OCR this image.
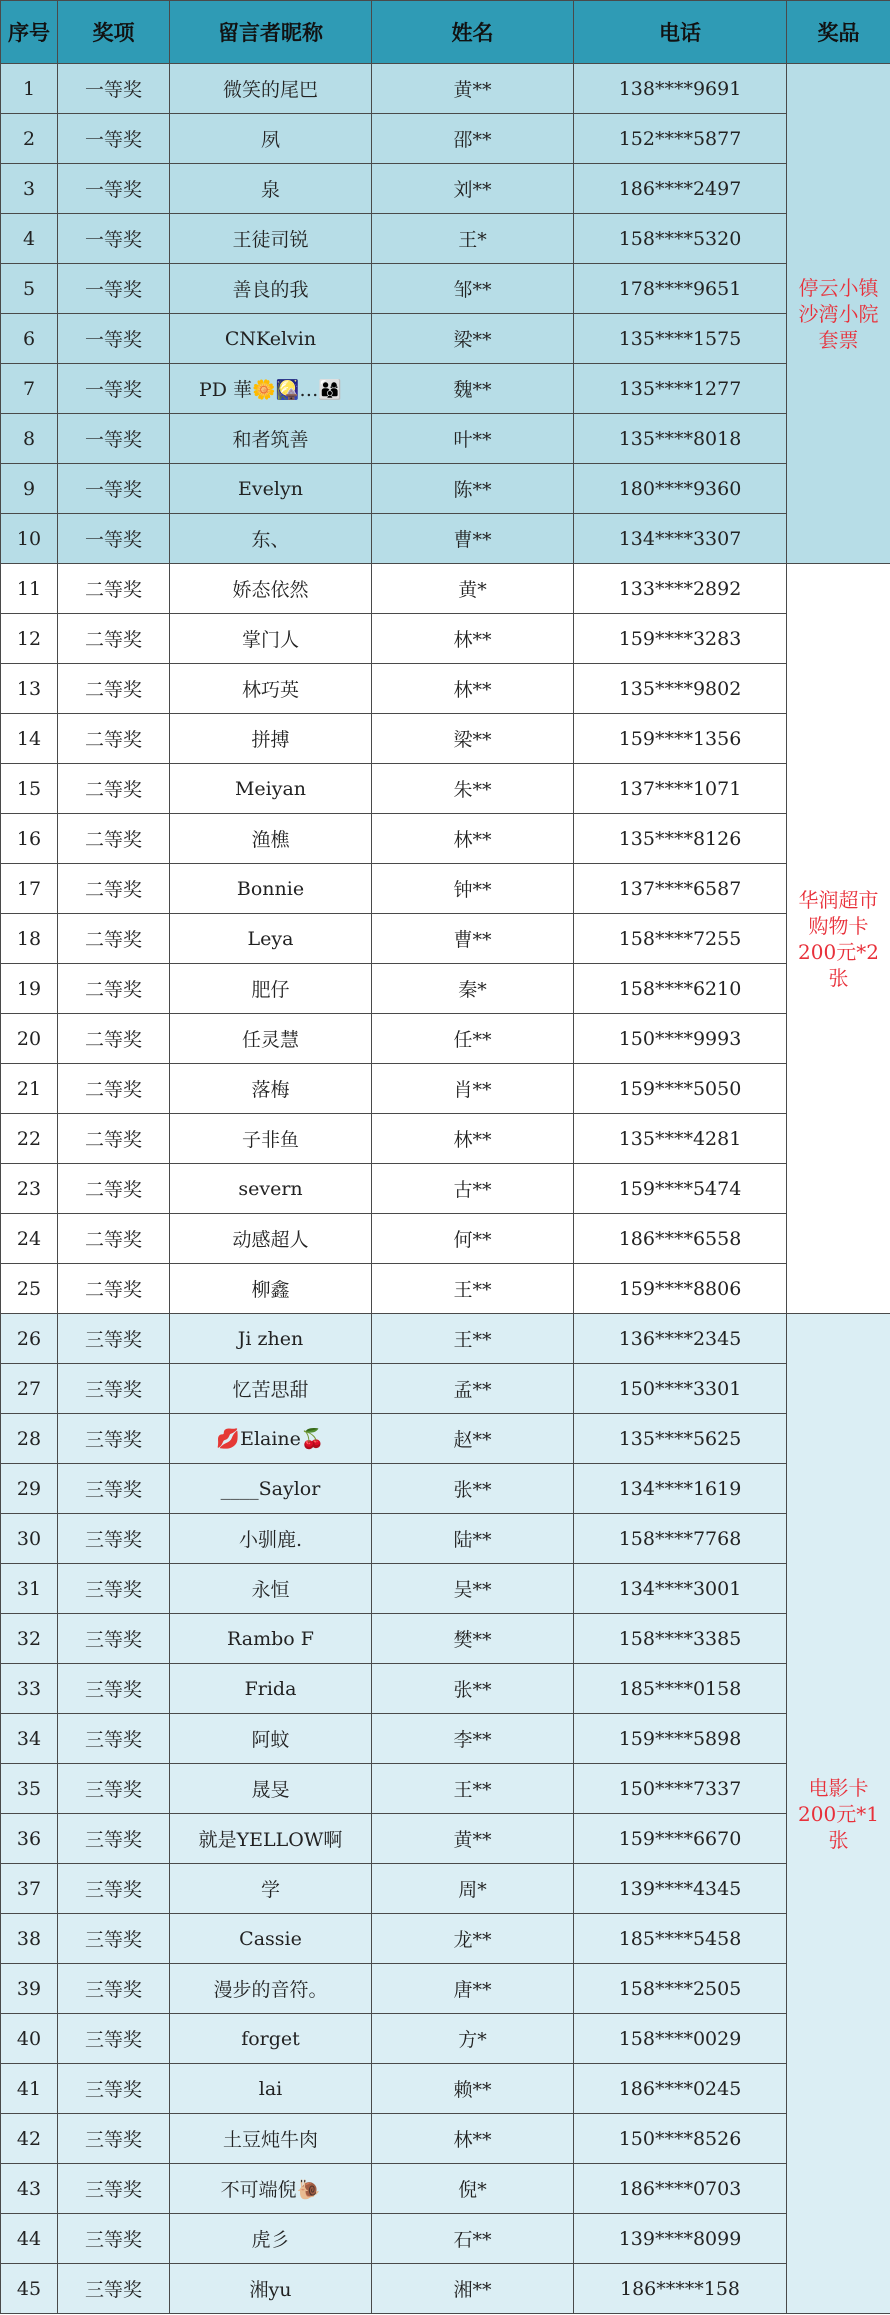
序号	奖项	留言者昵称	姓名	电话	奖品
1	一等奖	微笑的尾巴	黄**	138****9691	停云小镇
沙湾小院
套票

2	一等奖	夙	邵**	152****5877	
3	一等奖	泉	刘**	186****2497	
4	一等奖	王徒司锐	王*	158****5320	
5	一等奖	善良的我	邹**	178****9651	
6	一等奖	CNKelvin	梁**	135****1575	
7	一等奖	PD 華🌼🎑…👨‍👩‍👦	魏**	135****1277	
8	一等奖	和者筑善	叶**	135****8018	
9	一等奖	Evelyn	陈**	180****9360	
10	一等奖	东、	曹**	134****3307	
11	二等奖	娇态依然	黄*	133****2892	华润超市
购物卡
200元*2
张

12	二等奖	掌门人	林**	159****3283	
13	二等奖	林巧英	林**	135****9802	
14	二等奖	拼搏	梁**	159****1356	
15	二等奖	Meiyan	朱**	137****1071	
16	二等奖	渔樵	林**	135****8126	
17	二等奖	Bonnie	钟**	137****6587	
18	二等奖	Leya	曹**	158****7255	
19	二等奖	肥仔	秦*	158****6210	
20	二等奖	任灵慧	任**	150****9993	
21	二等奖	落梅	肖**	159****5050	
22	二等奖	子非鱼	林**	135****4281	
23	二等奖	severn	古**	159****5474	
24	二等奖	动感超人	何**	186****6558	
25	二等奖	柳鑫	王**	159****8806	
26	三等奖	Ji zhen	王**	136****2345	电影卡
200元*1
张

27	三等奖	忆苦思甜	孟**	150****3301	
28	三等奖	💋Elaine🍒	赵**	135****5625	
29	三等奖	____Saylor	张**	134****1619	
30	三等奖	小驯鹿.	陆**	158****7768	
31	三等奖	永恒	吴**	134****3001	
32	三等奖	Rambo F	樊**	158****3385	
33	三等奖	Frida	张**	185****0158	
34	三等奖	阿蚊	李**	159****5898	
35	三等奖	晟旻	王**	150****7337	
36	三等奖	就是YELLOW啊	黄**	159****6670	
37	三等奖	学	周*	139****4345	
38	三等奖	Cassie	龙**	185****5458	
39	三等奖	漫步的音符。	唐**	158****2505	
40	三等奖	forget	方*	158****0029	
41	三等奖	lai	赖**	186****0245	
42	三等奖	土豆炖牛肉	林**	150****8526	
43	三等奖	不可端倪🐌	倪*	186****0703	
44	三等奖	虎彡	石**	139****8099	
45	三等奖	湘yu	湘**	186*****158	
